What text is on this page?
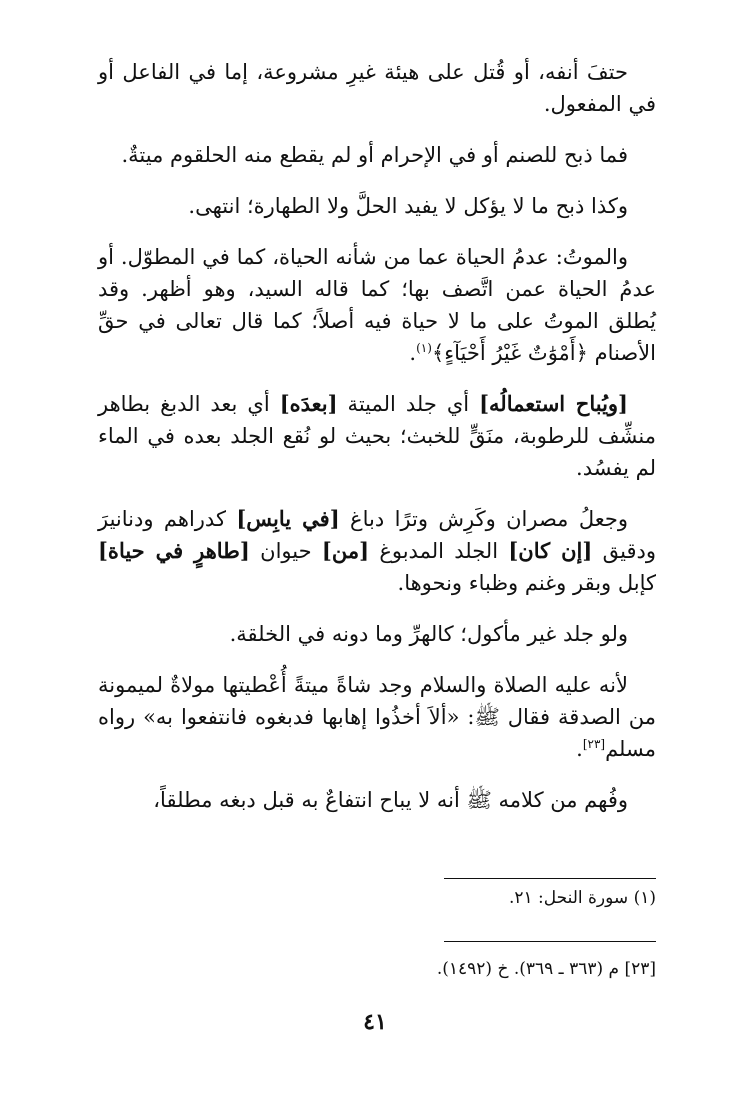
حتفَ أنفه، أو قُتل على هيئة غيرِ مشروعة، إما في الفاعل أو في المفعول.

فما ذبح للصنم أو في الإحرام أو لم يقطع منه الحلقوم ميتةٌ.

وكذا ذبح ما لا يؤكل لا يفيد الحلَّ ولا الطهارة؛ انتهى.

والموتُ: عدمُ الحياة عما من شأنه الحياة، كما في المطوّل. أو عدمُ الحياة عمن اتَّصف بها؛ كما قاله السيد، وهو أظهر. وقد يُطلق الموتُ على ما لا حياة فيه أصلاً؛ كما قال تعالى في حقِّ الأصنام ﴿أَمْوَٰتٌ غَيْرُ أَحْيَآءٍ﴾$^{(١)}$.

[ويُباح استعمالُه] أي جلد الميتة [بعدَه] أي بعد الدبغ بطاهر منشِّف للرطوبة، منَقٍّ للخبث؛ بحيث لو نُقع الجلد بعده في الماء لم يفسُد.

وجعلُ مصران وكَرِش وترًا دباغ [في يابِس] كدراهم ودنانيرَ ودقيق [إن كان] الجلد المدبوغ [من] حيوان [طاهرٍ في حياة] كإبل وبقر وغنم وظباء ونحوها.

ولو جلد غير مأكول؛ كالهرِّ وما دونه في الخلقة.

لأنه عليه الصلاة والسلام وجد شاةً ميتةً أُعْطيتها مولاةٌ لميمونة من الصدقة فقال ﷺ: «ألاَ أخذُوا إهابها فدبغوه فانتفعوا به» رواه مسلم[٢٣].

وفُهم من كلامه ﷺ أنه لا يباح انتفاعٌ به قبل دبغه مطلقاً،

(١) سورة النحل: ٢١.
[٢٣] م (٣٦٣ ـ ٣٦٩). خ (١٤٩٢).
٤١
